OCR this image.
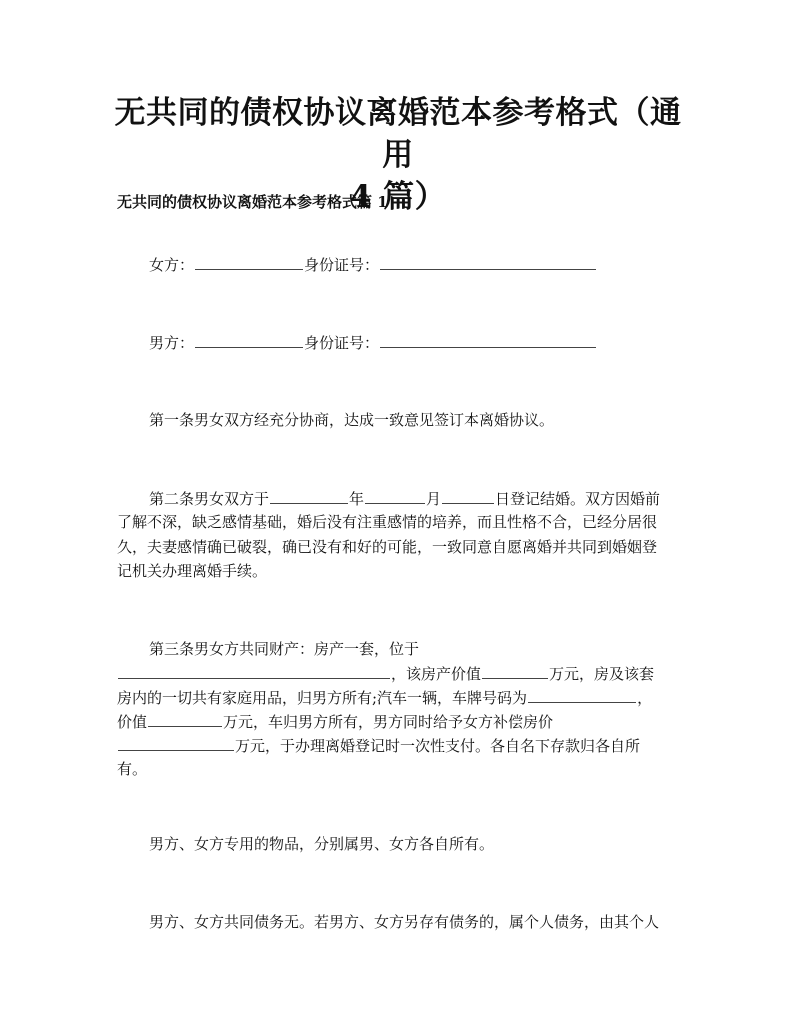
无共同的债权协议离婚范本参考格式（通用
4 篇）
无共同的债权协议离婚范本参考格式篇 1
女方：	身份证号：
男方：	身份证号：
第一条男女双方经充分协商，达成一致意见签订本离婚协议。
第二条男女双方于	年	月	日登记结婚。双方因婚前
了解不深，缺乏感情基础，婚后没有注重感情的培养，而且性格不合，已经分居很
久，夫妻感情确已破裂，确已没有和好的可能，一致同意自愿离婚并共同到婚姻登
记机关办理离婚手续。
第三条男女方共同财产：房产一套，位于
，该房产价值	万元，房及该套
房内的一切共有家庭用品，归男方所有;汽车一辆，车牌号码为	，
价值	万元，车归男方所有，男方同时给予女方补偿房价
万元，于办理离婚登记时一次性支付。各自名下存款归各自所
有。
男方、女方专用的物品，分别属男、女方各自所有。
男方、女方共同债务无。若男方、女方另存有债务的，属个人债务，由其个人
